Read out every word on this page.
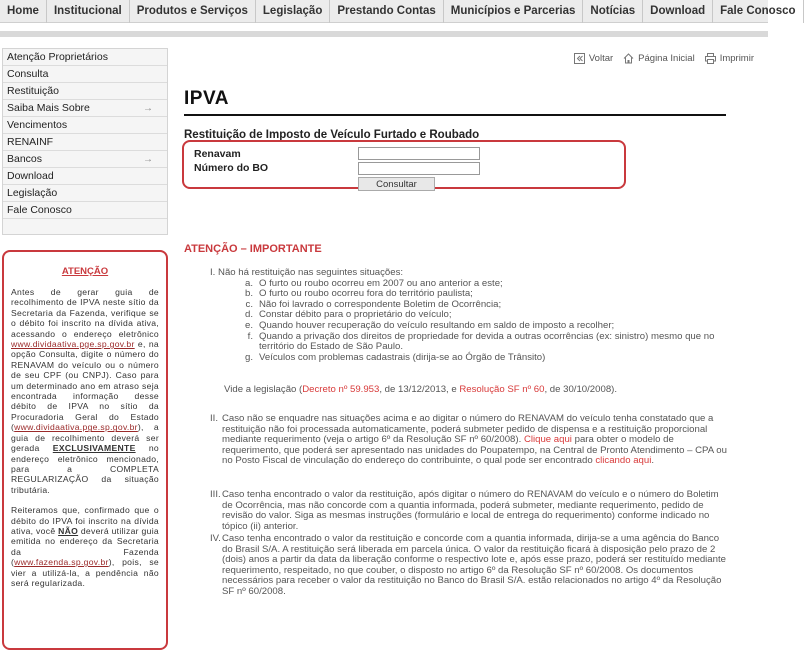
Home	Institucional	Produtos e Serviços	Legislação	Prestando Contas	Municípios e Parcerias	Notícias	Download	Fale Conosco
Atenção Proprietários
Consulta
Restituição
Saiba Mais Sobre	→
Vencimentos
RENAINF
Bancos	→
Download
Legislação
Fale Conosco
ATENÇÃO

Antes de gerar guia de recolhimento de IPVA neste sítio da Secretaria da Fazenda, verifique se o débito foi inscrito na dívida ativa, acessando o endereço eletrônico www.dividaativa.pge.sp.gov.br e, na opção Consulta, digite o número do RENAVAM do veículo ou o número de seu CPF (ou CNPJ). Caso para um determinado ano em atraso seja encontrada informação desse débito de IPVA no sítio da Procuradoria Geral do Estado (www.dividaativa.pge.sp.gov.br), a guia de recolhimento deverá ser gerada EXCLUSIVAMENTE no endereço eletrônico mencionado, para a COMPLETA REGULARIZAÇÃO da situação tributária.

Reiteramos que, confirmado que o débito do IPVA foi inscrito na dívida ativa, você NÃO deverá utilizar guia emitida no endereço da Secretaria da Fazenda (www.fazenda.sp.gov.br), pois, se vier a utilizá-la, a pendência não será regularizada.

Voltar	Página Inicial	Imprimir
IPVA
Restituição de Imposto de Veículo Furtado e Roubado
Renavam
Número do BO
Consultar
ATENÇÃO – IMPORTANTE
I. Não há restituição nas seguintes situações:
a. O furto ou roubo ocorreu em 2007 ou ano anterior a este;
b. O furto ou roubo ocorreu fora do território paulista;
c. Não foi lavrado o correspondente Boletim de Ocorrência;
d. Constar débito para o proprietário do veículo;
e. Quando houver recuperação do veículo resultando em saldo de imposto a recolher;
f. Quando a privação dos direitos de propriedade for devida a outras ocorrências (ex: sinistro) mesmo que no território do Estado de São Paulo.
g. Veículos com problemas cadastrais (dirija-se ao Órgão de Trânsito)
Vide a legislação (Decreto nº 59.953, de 13/12/2013, e Resolução SF nº 60, de 30/10/2008).
II. Caso não se enquadre nas situações acima e ao digitar o número do RENAVAM do veículo tenha constatado que a restituição não foi processada automaticamente, poderá submeter pedido de dispensa e a restituição proporcional mediante requerimento (veja o artigo 6º da Resolução SF nº 60/2008). Clique aqui para obter o modelo de requerimento, que poderá ser apresentado nas unidades do Poupatempo, na Central de Pronto Atendimento – CPA ou no Posto Fiscal de vinculação do endereço do contribuinte, o qual pode ser encontrado clicando aqui.
III. Caso tenha encontrado o valor da restituição, após digitar o número do RENAVAM do veículo e o número do Boletim de Ocorrência, mas não concorde com a quantia informada, poderá submeter, mediante requerimento, pedido de revisão do valor. Siga as mesmas instruções (formulário e local de entrega do requerimento) conforme indicado no tópico (ii) anterior.
IV. Caso tenha encontrado o valor da restituição e concorde com a quantia informada, dirija-se a uma agência do Banco do Brasil S/A. A restituição será liberada em parcela única. O valor da restituição ficará à disposição pelo prazo de 2 (dois) anos a partir da data da liberação conforme o respectivo lote e, após esse prazo, poderá ser restituído mediante requerimento, respeitado, no que couber, o disposto no artigo 6º da Resolução SF nº 60/2008. Os documentos necessários para receber o valor da restituição no Banco do Brasil S/A. estão relacionados no artigo 4º da Resolução SF nº 60/2008.
